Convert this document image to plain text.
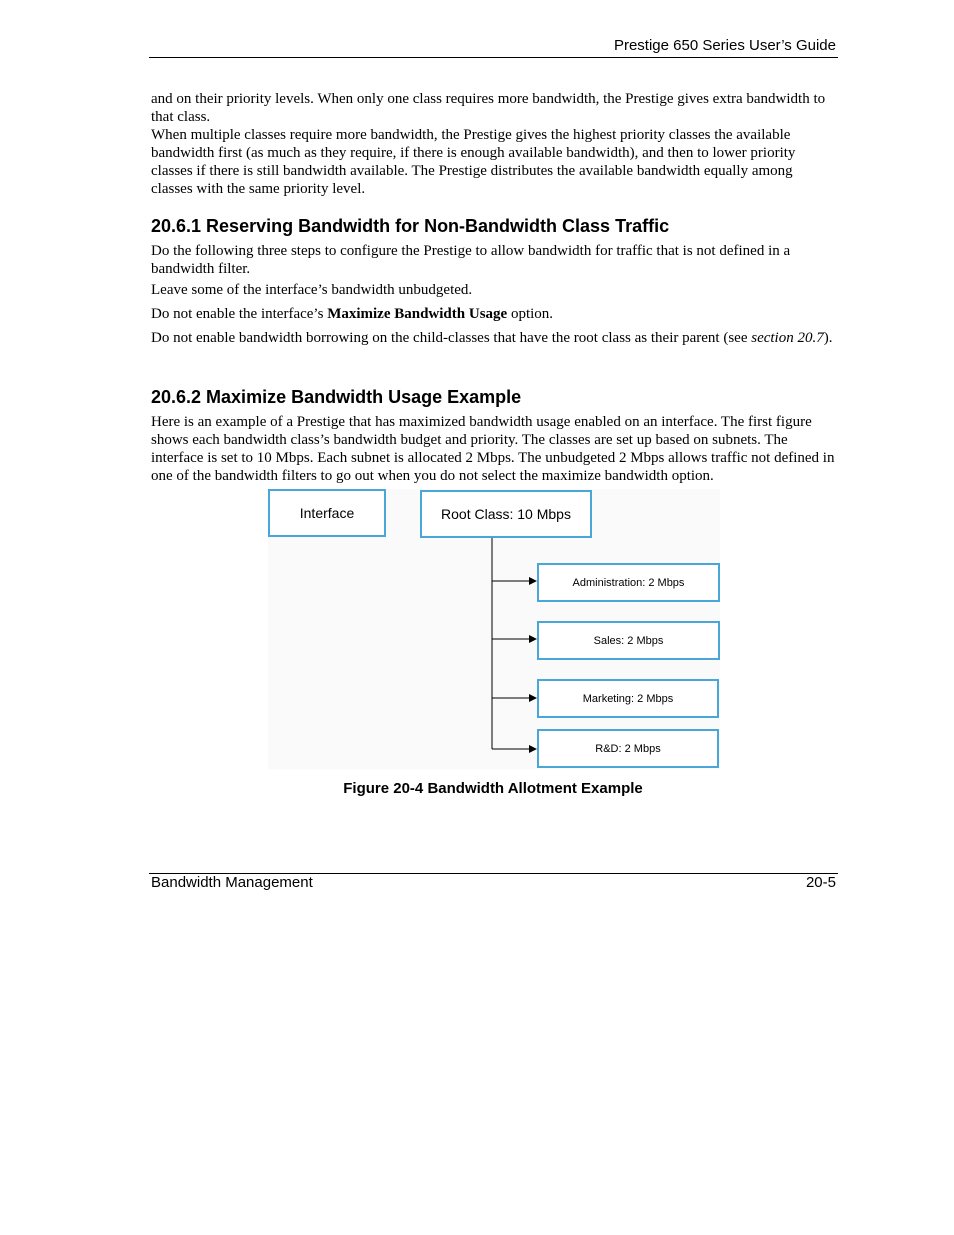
Prestige 650 Series User’s Guide

and on their priority levels. When only one class requires more bandwidth, the Prestige gives extra bandwidth to that class.

When multiple classes require more bandwidth, the Prestige gives the highest priority classes the available bandwidth first (as much as they require, if there is enough available bandwidth), and then to lower priority classes if there is still bandwidth available. The Prestige distributes the available bandwidth equally among classes with the same priority level.

20.6.1 Reserving Bandwidth for Non-Bandwidth Class Traffic

Do the following three steps to configure the Prestige to allow bandwidth for traffic that is not defined in a bandwidth filter.

Leave some of the interface’s bandwidth unbudgeted.

Do not enable the interface’s Maximize Bandwidth Usage option.

Do not enable bandwidth borrowing on the child-classes that have the root class as their parent (see section 20.7).

20.6.2 Maximize Bandwidth Usage Example

Here is an example of a Prestige that has maximized bandwidth usage enabled on an interface. The first figure shows each bandwidth class’s bandwidth budget and priority. The classes are set up based on subnets. The interface is set to 10 Mbps. Each subnet is allocated 2 Mbps. The unbudgeted 2 Mbps allows traffic not defined in one of the bandwidth filters to go out when you do not select the maximize bandwidth option.

Interface	Root Class: 10 Mbps
Administration: 2 Mbps
Sales: 2 Mbps
Marketing: 2 Mbps
R&D: 2 Mbps
Figure 20-4 Bandwidth Allotment Example
Bandwidth Management	20-5
